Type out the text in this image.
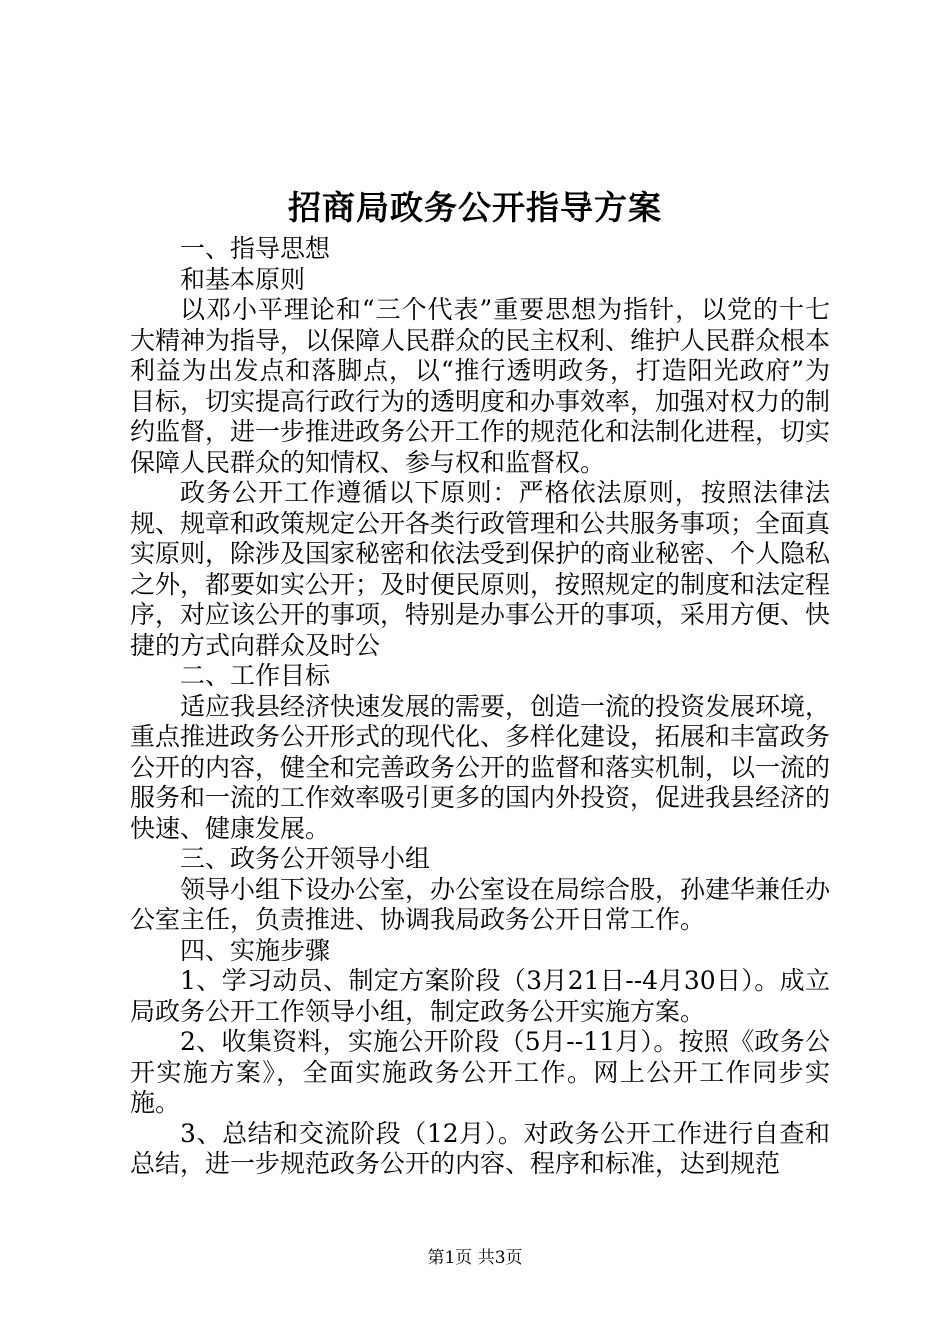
招商局政务公开指导方案

一、指导思想

和基本原则

以邓小平理论和“三个代表”重要思想为指针，以党的十七大精神为指导，以保障人民群众的民主权利、维护人民群众根本利益为出发点和落脚点，以“推行透明政务，打造阳光政府”为目标，切实提高行政行为的透明度和办事效率，加强对权力的制约监督，进一步推进政务公开工作的规范化和法制化进程，切实保障人民群众的知情权、参与权和监督权。

政务公开工作遵循以下原则：严格依法原则，按照法律法规、规章和政策规定公开各类行政管理和公共服务事项；全面真实原则，除涉及国家秘密和依法受到保护的商业秘密、个人隐私之外，都要如实公开；及时便民原则，按照规定的制度和法定程序，对应该公开的事项，特别是办事公开的事项，采用方便、快捷的方式向群众及时公

二、工作目标

适应我县经济快速发展的需要，创造一流的投资发展环境，重点推进政务公开形式的现代化、多样化建设，拓展和丰富政务公开的内容，健全和完善政务公开的监督和落实机制，以一流的服务和一流的工作效率吸引更多的国内外投资，促进我县经济的快速、健康发展。

三、政务公开领导小组

领导小组下设办公室，办公室设在局综合股，孙建华兼任办公室主任，负责推进、协调我局政务公开日常工作。

四、实施步骤

1、学习动员、制定方案阶段（3月21日--4月30日）。成立局政务公开工作领导小组，制定政务公开实施方案。

2、收集资料，实施公开阶段（5月--11月）。按照《政务公开实施方案》，全面实施政务公开工作。网上公开工作同步实施。

3、总结和交流阶段（12月）。对政务公开工作进行自查和总结，进一步规范政务公开的内容、程序和标准，达到规范

第1页 共3页
